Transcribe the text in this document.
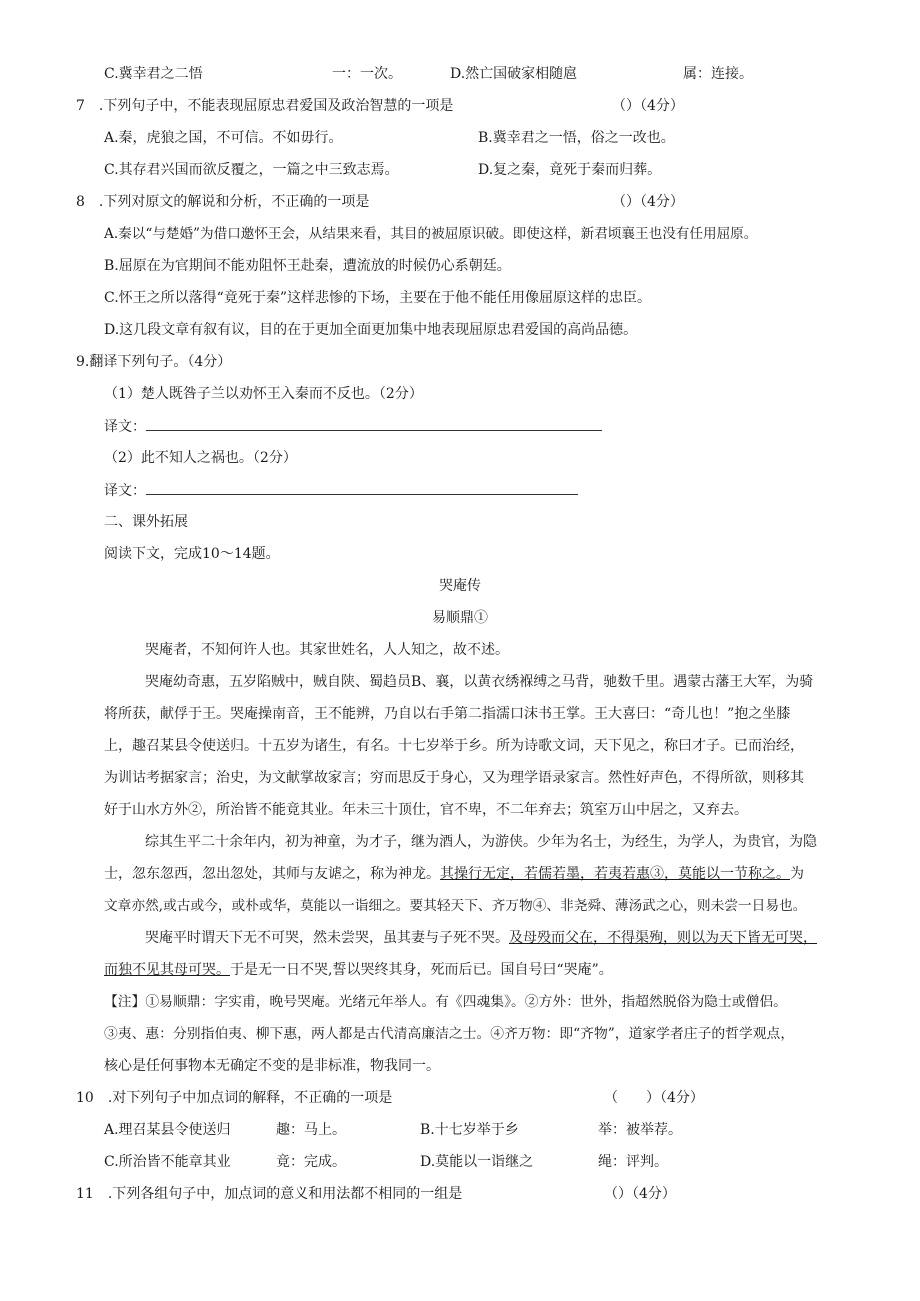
C.冀幸君之二悟	一：一次。	D.然亡国破家相随扈	属：连接。
7　.下列句子中，不能表现屈原忠君爱国及政治智慧的一项是	（）（4分）
A.秦，虎狼之国，不可信。不如毋行。	B.冀幸君之一悟，俗之一改也。
C.其存君兴国而欲反覆之，一篇之中三致志焉。	D.复之秦，竟死于秦而归葬。
8　.下列对原文的解说和分析，不正确的一项是	（）（4分）
A.秦以“与楚婚”为借口邀怀王会，从结果来看，其目的被屈原识破。即使这样，新君顷襄王也没有任用屈原。
B.屈原在为官期间不能劝阻怀王赴秦，遭流放的时候仍心系朝廷。
C.怀王之所以落得“竟死于秦”这样悲惨的下场，主要在于他不能任用像屈原这样的忠臣。
D.这几段文章有叙有议，目的在于更加全面更加集中地表现屈原忠君爱国的高尚品德。
9.翻译下列句子。（4分）
（1）楚人既咎子兰以劝怀王入秦而不反也。（2分）
译文：
（2）此不知人之祸也。（2分）
译文：
二、课外拓展
阅读下文，完成10～14题。
哭庵传
易顺鼎①
哭庵者，不知何许人也。其家世姓名，人人知之，故不述。
哭庵幼奇惠，五岁陷贼中，贼自陕、蜀趋员B、襄，以黄衣绣褓缚之马背，驰数千里。遇蒙古藩王大军，为骑
将所获，献俘于王。哭庵操南音，王不能辨，乃自以右手第二指濡口沫书王掌。王大喜曰：“奇儿也！”抱之坐膝
上，趣召某县令使送归。十五岁为诸生，有名。十七岁举于乡。所为诗歌文词，天下见之，称曰才子。已而治经，
为训诂考据家言；治史，为文献掌故家言；穷而思反于身心，又为理学语录家言。然性好声色，不得所欲，则移其
好于山水方外②，所治皆不能竟其业。年未三十顶仕，官不卑，不二年弃去；筑室万山中居之，又弃去。
综其生平二十余年内，初为神童，为才子，继为酒人，为游侠。少年为名士，为经生，为学人，为贵官，为隐
士，忽东忽西，忽出忽处，其师与友谑之，称为神龙。其操行无定，若儒若墨，若夷若惠③，莫能以一节称之。为
文章亦然,或古或今，或朴或华，莫能以一诣细之。要其轻天下、齐万物④、非尧舜、薄汤武之心，则未尝一日易也。
哭庵平时谓天下无不可哭，然未尝哭，虽其妻与子死不哭。及母殁而父在，不得渠殉，则以为天下皆无可哭，
而独不见其母可哭。于是无一日不哭,誓以哭终其身，死而后已。国自号曰“哭庵”。
【注】①易顺鼎：字实甫，晚号哭庵。光绪元年举人。有《四魂集》。②方外：世外，指超然脱俗为隐士或僧侣。
③夷、惠：分别指伯夷、柳下惠，两人都是古代清高廉洁之士。④齐万物：即“齐物”，道家学者庄子的哲学观点，
核心是任何事物本无确定不变的是非标准，物我同一。
10　.对下列句子中加点词的解释，不正确的一项是	（　　）（4分）
A.理召某县令使送归	趣：马上。	B.十七岁举于乡	举：被举荐。
C.所治皆不能章其业	竟：完成。	D.莫能以一诣继之	绳：评判。
11　.下列各组句子中，加点词的意义和用法都不相同的一组是	（）（4分）
